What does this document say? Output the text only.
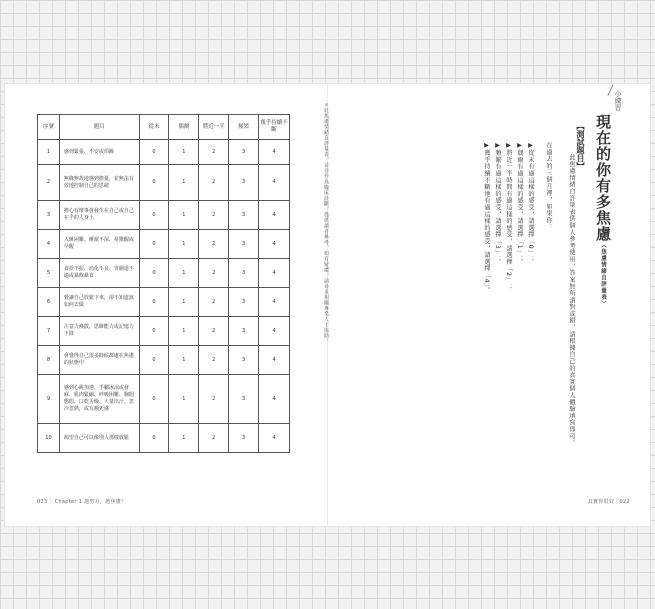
序號	題目	從未	偶爾	將近一半	頻繁	幾乎持續不斷
1	感到緊張、不安或煩躁	0	1	2	3	4
2	無緣無故地感到擔憂，並無法有效地控制自己的思緒	0	1	2	3	4
3	擔心有壞事會發生在自己或自己在乎的人身上	0	1	2	3	4
4	入睡困難、睡眠不深、易驚醒或早醒	0	1	2	3	4
5	食欲不振、消化不良、胃腸道不適或暴飲暴食	0	1	2	3	4
6	覺讓自己放鬆下來，卻不知道該如何去做	0	1	2	3	4
7	注意力渙散，思維能力或記憶力下降	0	1	2	3	4
8	會覺得自己很多時候都處在焦慮的狀態中	0	1	2	3	4
9	感到心跳加速、手腳冰涼或發麻、肌肉緊繃、呼吸困難、胸悶憋悶、口乾舌燥、大量出汗、忽冷忽熱，或有瀕死感	0	1	2	3	4
10	渴望自己可以像別人那樣放鬆	0	1	2	3	4
023｜ Chapter 1 越努力，越焦慮？	其實你很好｜022
＊此焦慮情緒自評量表，並非作為臨床診斷，僅供讀者參考，如有疑慮，請尋求相關專業人士協助。
小練習
現在的你有多焦慮（焦慮情緒自評量表）
【測試題目】
此焦慮情緒自評量表供個人參考使用，答案無所謂對或錯，請根據自己的真實個人體驗填寫即可。
在過去的三個月裡，如果你：
▶從未有過這樣的感受，請選擇「0」；
▶偶爾有過這樣的感受，請選擇「1」；
▶將近一半時間有過這樣的感受，請選擇「2」；
▶頻繁有過這樣的感受，請選擇「3」；
▶幾乎持續不斷地有過這樣的感受，請選擇「4」。
